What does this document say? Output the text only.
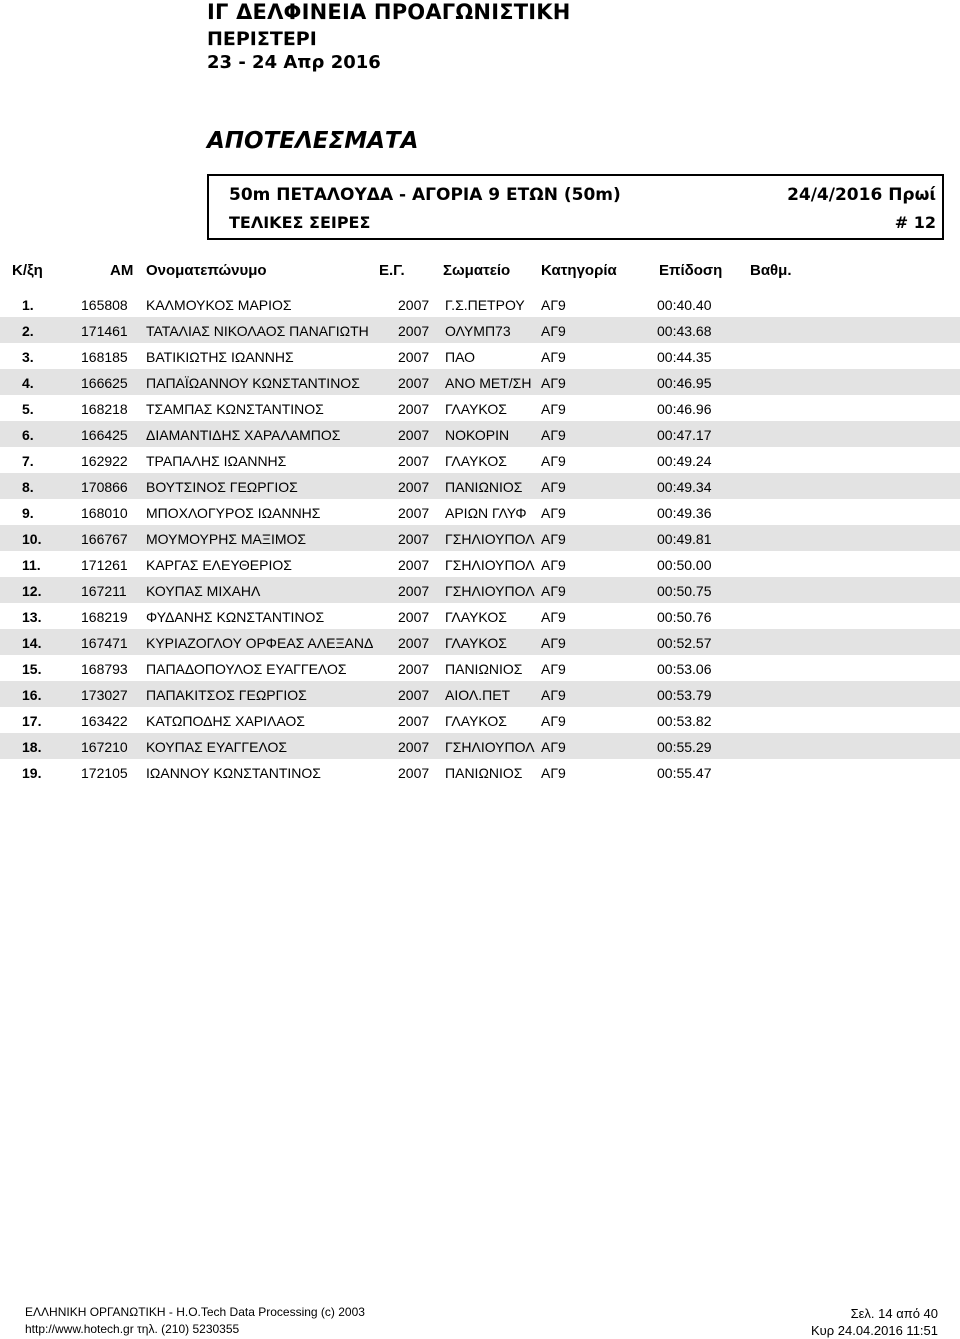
ΙΓ ΔΕΛΦΙΝΕΙΑ ΠΡΟΑΓΩΝΙΣΤΙΚΗ
ΠΕΡΙΣΤΕΡΙ
23 - 24 Απρ 2016
ΑΠΟΤΕΛΕΣΜΑΤΑ
50m ΠΕΤΑΛΟΥΔΑ - ΑΓΟΡΙΑ 9 ΕΤΩΝ (50m)	24/4/2016 Πρωί
ΤΕΛΙΚΕΣ ΣΕΙΡΕΣ	# 12
Κ/ξη	ΑΜ Ονοματεπώνυμο	Ε.Γ.	Σωματείο Κατηγορία	Επίδοση Βαθμ.
1.	165808 ΚΑΛΜΟΥΚΟΣ ΜΑΡΙΟΣ	2007 Γ.Σ.ΠΕΤΡΟΥ	ΑΓ9	00:40.40
2.	171461 ΤΑΤΑΛΙΑΣ ΝΙΚΟΛΑΟΣ ΠΑΝΑΓΙΩΤΗ	2007 ΟΛΥΜΠ73	ΑΓ9	00:43.68
3.	168185 ΒΑΤΙΚΙΩΤΗΣ ΙΩΑΝΝΗΣ	2007 ΠΑΟ	ΑΓ9	00:44.35
4.	166625 ΠΑΠΑΪΩΑΝΝΟΥ ΚΩΝΣΤΑΝΤΙΝΟΣ	2007 ΑΝΟ ΜΕΤ/ΣΗ ΑΓ9	00:46.95
5.	168218 ΤΣΑΜΠΑΣ ΚΩΝΣΤΑΝΤΙΝΟΣ	2007 ΓΛΑΥΚΟΣ	ΑΓ9	00:46.96
6.	166425 ΔΙΑΜΑΝΤΙΔΗΣ ΧΑΡΑΛΑΜΠΟΣ	2007 ΝΟΚΟΡΙΝ	ΑΓ9	00:47.17
7.	162922 ΤΡΑΠΑΛΗΣ ΙΩΑΝΝΗΣ	2007 ΓΛΑΥΚΟΣ	ΑΓ9	00:49.24
8.	170866 ΒΟΥΤΣΙΝΟΣ ΓΕΩΡΓΙΟΣ	2007 ΠΑΝΙΩΝΙΟΣ	ΑΓ9	00:49.34
9.	168010 ΜΠΟΧΛΟΓΥΡΟΣ ΙΩΑΝΝΗΣ	2007 ΑΡΙΩΝ ΓΛΥΦ	ΑΓ9	00:49.36
10.	166767 ΜΟΥΜΟΥΡΗΣ ΜΑΞΙΜΟΣ	2007 ΓΣΗΛΙΟΥΠΟΛ ΑΓ9	00:49.81
11.	171261 ΚΑΡΓΑΣ ΕΛΕΥΘΕΡΙΟΣ	2007 ΓΣΗΛΙΟΥΠΟΛ ΑΓ9	00:50.00
12.	167211 ΚΟΥΠΑΣ ΜΙΧΑΗΛ	2007 ΓΣΗΛΙΟΥΠΟΛ ΑΓ9	00:50.75
13.	168219 ΦΥΔΑΝΗΣ ΚΩΝΣΤΑΝΤΙΝΟΣ	2007 ΓΛΑΥΚΟΣ	ΑΓ9	00:50.76
14.	167471 ΚΥΡΙΑΖΟΓΛΟΥ ΟΡΦΕΑΣ ΑΛΕΞΑΝΔ	2007 ΓΛΑΥΚΟΣ	ΑΓ9	00:52.57
15.	168793 ΠΑΠΑΔΟΠΟΥΛΟΣ ΕΥΑΓΓΕΛΟΣ	2007 ΠΑΝΙΩΝΙΟΣ	ΑΓ9	00:53.06
16.	173027 ΠΑΠΑΚΙΤΣΟΣ ΓΕΩΡΓΙΟΣ	2007 ΑΙΟΛ.ΠΕΤ	ΑΓ9	00:53.79
17.	163422 ΚΑΤΩΠΟΔΗΣ ΧΑΡΙΛΑΟΣ	2007 ΓΛΑΥΚΟΣ	ΑΓ9	00:53.82
18.	167210 ΚΟΥΠΑΣ ΕΥΑΓΓΕΛΟΣ	2007 ΓΣΗΛΙΟΥΠΟΛ ΑΓ9	00:55.29
19.	172105 ΙΩΑΝΝΟΥ ΚΩΝΣΤΑΝΤΙΝΟΣ	2007 ΠΑΝΙΩΝΙΟΣ	ΑΓ9	00:55.47
ΕΛΛΗΝΙΚΗ ΟΡΓΑΝΩΤΙΚΗ - Η.Ο.Tech Data Processing (c) 2003
http://www.hotech.gr τηλ. (210) 5230355
Σελ. 14 από 40
Κυρ 24.04.2016 11:51
